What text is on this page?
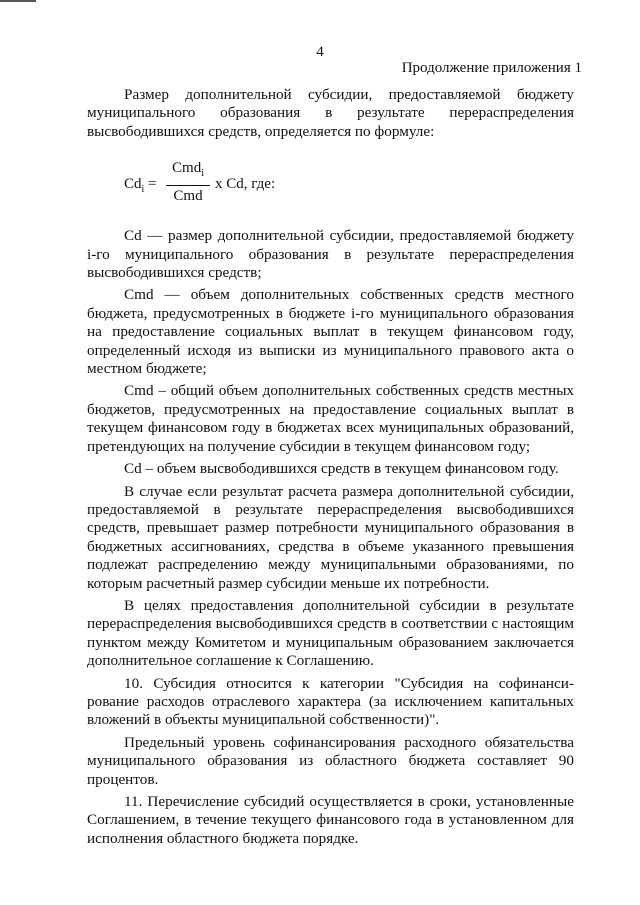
4
Продолжение приложения 1

Размер дополнительной субсидии, предоставляемой бюджету муниципального образования в результате перераспределения высвободившихся средств, определяется по формуле:

$Cd_i$ =
Cmd$_i$
Cmd
x Cd, где:

Cd — размер дополнительной субсидии, предоставляемой бюджету i-го муниципального образования в результате перераспределения высвободившихся средств;

Cmd — объем дополнительных собственных средств местного бюджета, предусмотренных в бюджете i-го муниципального образования на предоставление социальных выплат в текущем финансовом году, определенный исходя из выписки из муниципального правового акта о местном бюджете;

Cmd – общий объем дополнительных собственных средств местных бюджетов, предусмотренных на предоставление социальных выплат в текущем финансовом году в бюджетах всех муниципальных образований, претендующих на получение субсидии в текущем финансовом году;

Cd – объем высвободившихся средств в текущем финансовом году.

В случае если результат расчета размера дополнительной субсидии, предоставляемой в результате перераспределения высвободившихся средств, превышает размер потребности муниципального образования в бюджетных ассигнованиях, средства в объеме указанного превышения подлежат распределению между муниципальными образованиями, по которым расчетный размер субсидии меньше их потребности.

В целях предоставления дополнительной субсидии в результате перераспределения высвободившихся средств в соответствии с настоящим пунктом между Комитетом и муниципальным образованием заключается дополнительное соглашение к Соглашению.

10. Субсидия относится к категории "Субсидия на софинанси-рование расходов отраслевого характера (за исключением капитальных вложений в объекты муниципальной собственности)".

Предельный уровень софинансирования расходного обязательства муниципального образования из областного бюджета составляет 90 процентов.

11. Перечисление субсидий осуществляется в сроки, установленные Соглашением, в течение текущего финансового года в установленном для исполнения областного бюджета порядке.
